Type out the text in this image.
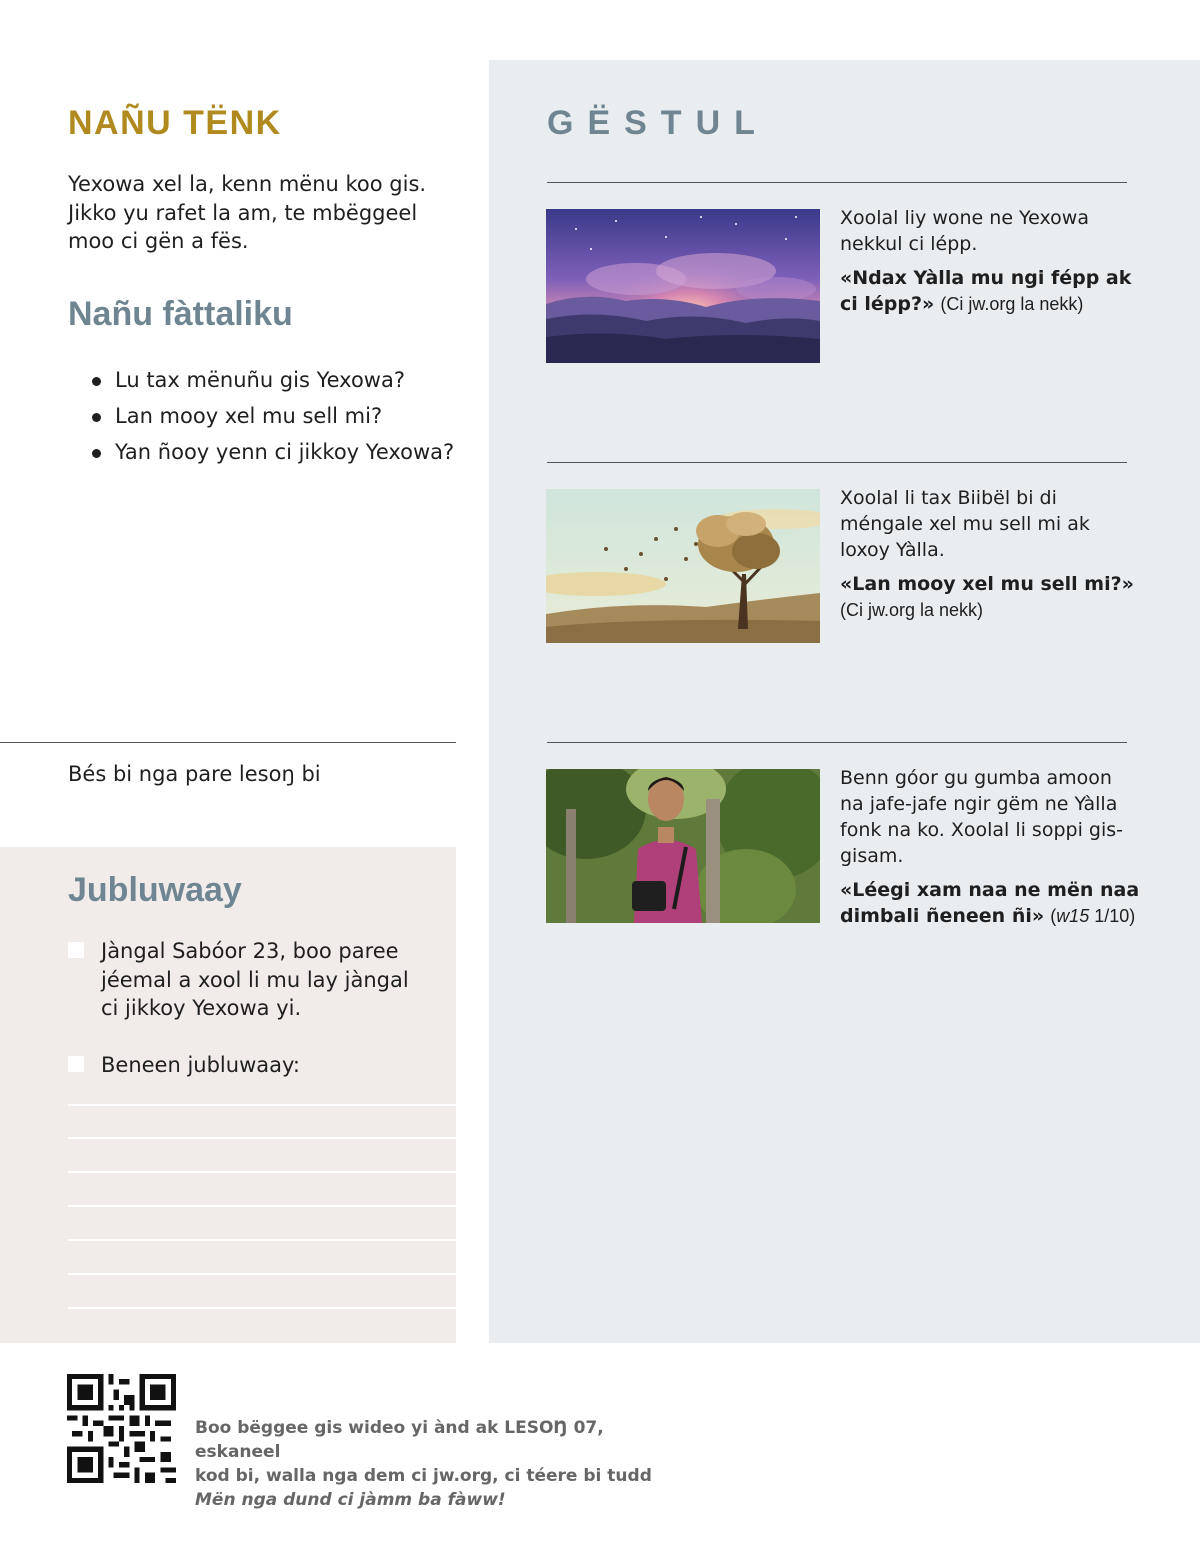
NAÑU TËNK

Yexowa xel la, kenn mënu koo gis. Jikko yu rafet la am, te mbëggeel moo ci gën a fës.

Nañu fàttaliku
Lu tax mënuñu gis Yexowa?
Lan mooy xel mu sell mi?
Yan ñooy yenn ci jikkoy Yexowa?
Bés bi nga pare lesoŋ bi
Jubluwaay
Jàngal Sabóor 23, boo paree jéemal a xool li mu lay jàngal ci jikkoy Yexowa yi.
Beneen jubluwaay:
GËSTUL

Xoolal liy wone ne Yexowa nekkul ci lépp.

«Ndax Yàlla mu ngi fépp ak ci lépp?» (Ci jw.org la nekk)

Xoolal li tax Biibël bi di méngale xel mu sell mi ak loxoy Yàlla.

«Lan mooy xel mu sell mi?»
(Ci jw.org la nekk)

Benn góor gu gumba amoon na jafe-jafe ngir gëm ne Yàlla fonk na ko. Xoolal li soppi gis-gisam.

«Léegi xam naa ne mën naa dimbali ñeneen ñi» (w15 1/10)

Boo bëggee gis wideo yi ànd ak LESOŊ 07, eskaneel
kod bi, walla nga dem ci jw.org, ci téere bi tudd
Mën nga dund ci jàmm ba fàww!
